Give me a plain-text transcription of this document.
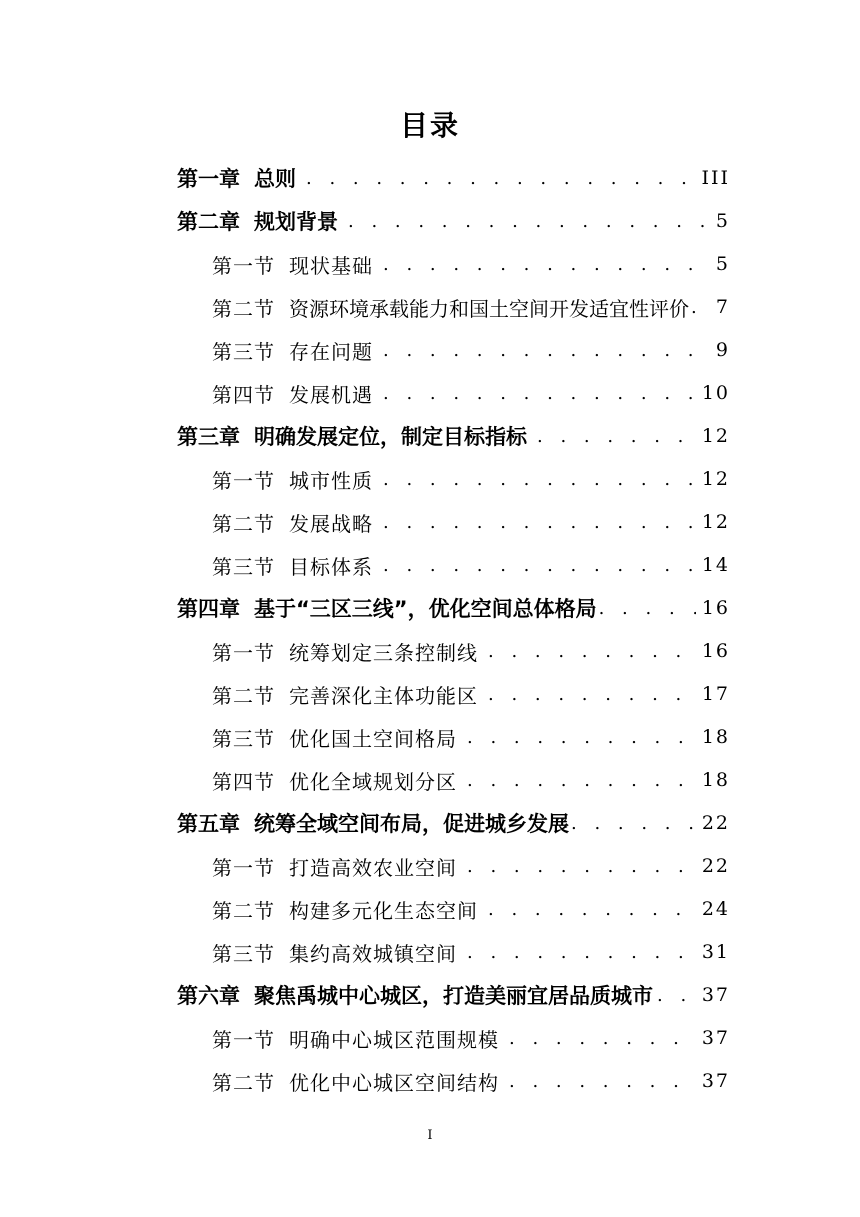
目录
第一章 总则 . . .	III
第二章 规划背景 . . .	5
第一节 现状基础 . . .	5
第二节 资源环境承载能力和国土空间开发适宜性评价 . . . 7
第三节 存在问题 . . .	9
第四节 发展机遇 . . .	10
第三章 明确发展定位，制定目标指标 . . .	12
第一节 城市性质 . . .	12
第二节 发展战略 . . .	12
第三节 目标体系 . . .	14
第四章 基于“三区三线”，优化空间总体格局 . . .	16
第一节 统筹划定三条控制线 . . .	16
第二节 完善深化主体功能区 . . .	17
第三节 优化国土空间格局 . . .	18
第四节 优化全域规划分区 . . .	18
第五章 统筹全域空间布局，促进城乡发展 . . .	22
第一节 打造高效农业空间 . . .	22
第二节 构建多元化生态空间 . . .	24
第三节 集约高效城镇空间 . . .	31
第六章 聚焦禹城中心城区，打造美丽宜居品质城市 . . .	37
第一节 明确中心城区范围规模 . . .	37
第二节 优化中心城区空间结构 . . .	37
I
